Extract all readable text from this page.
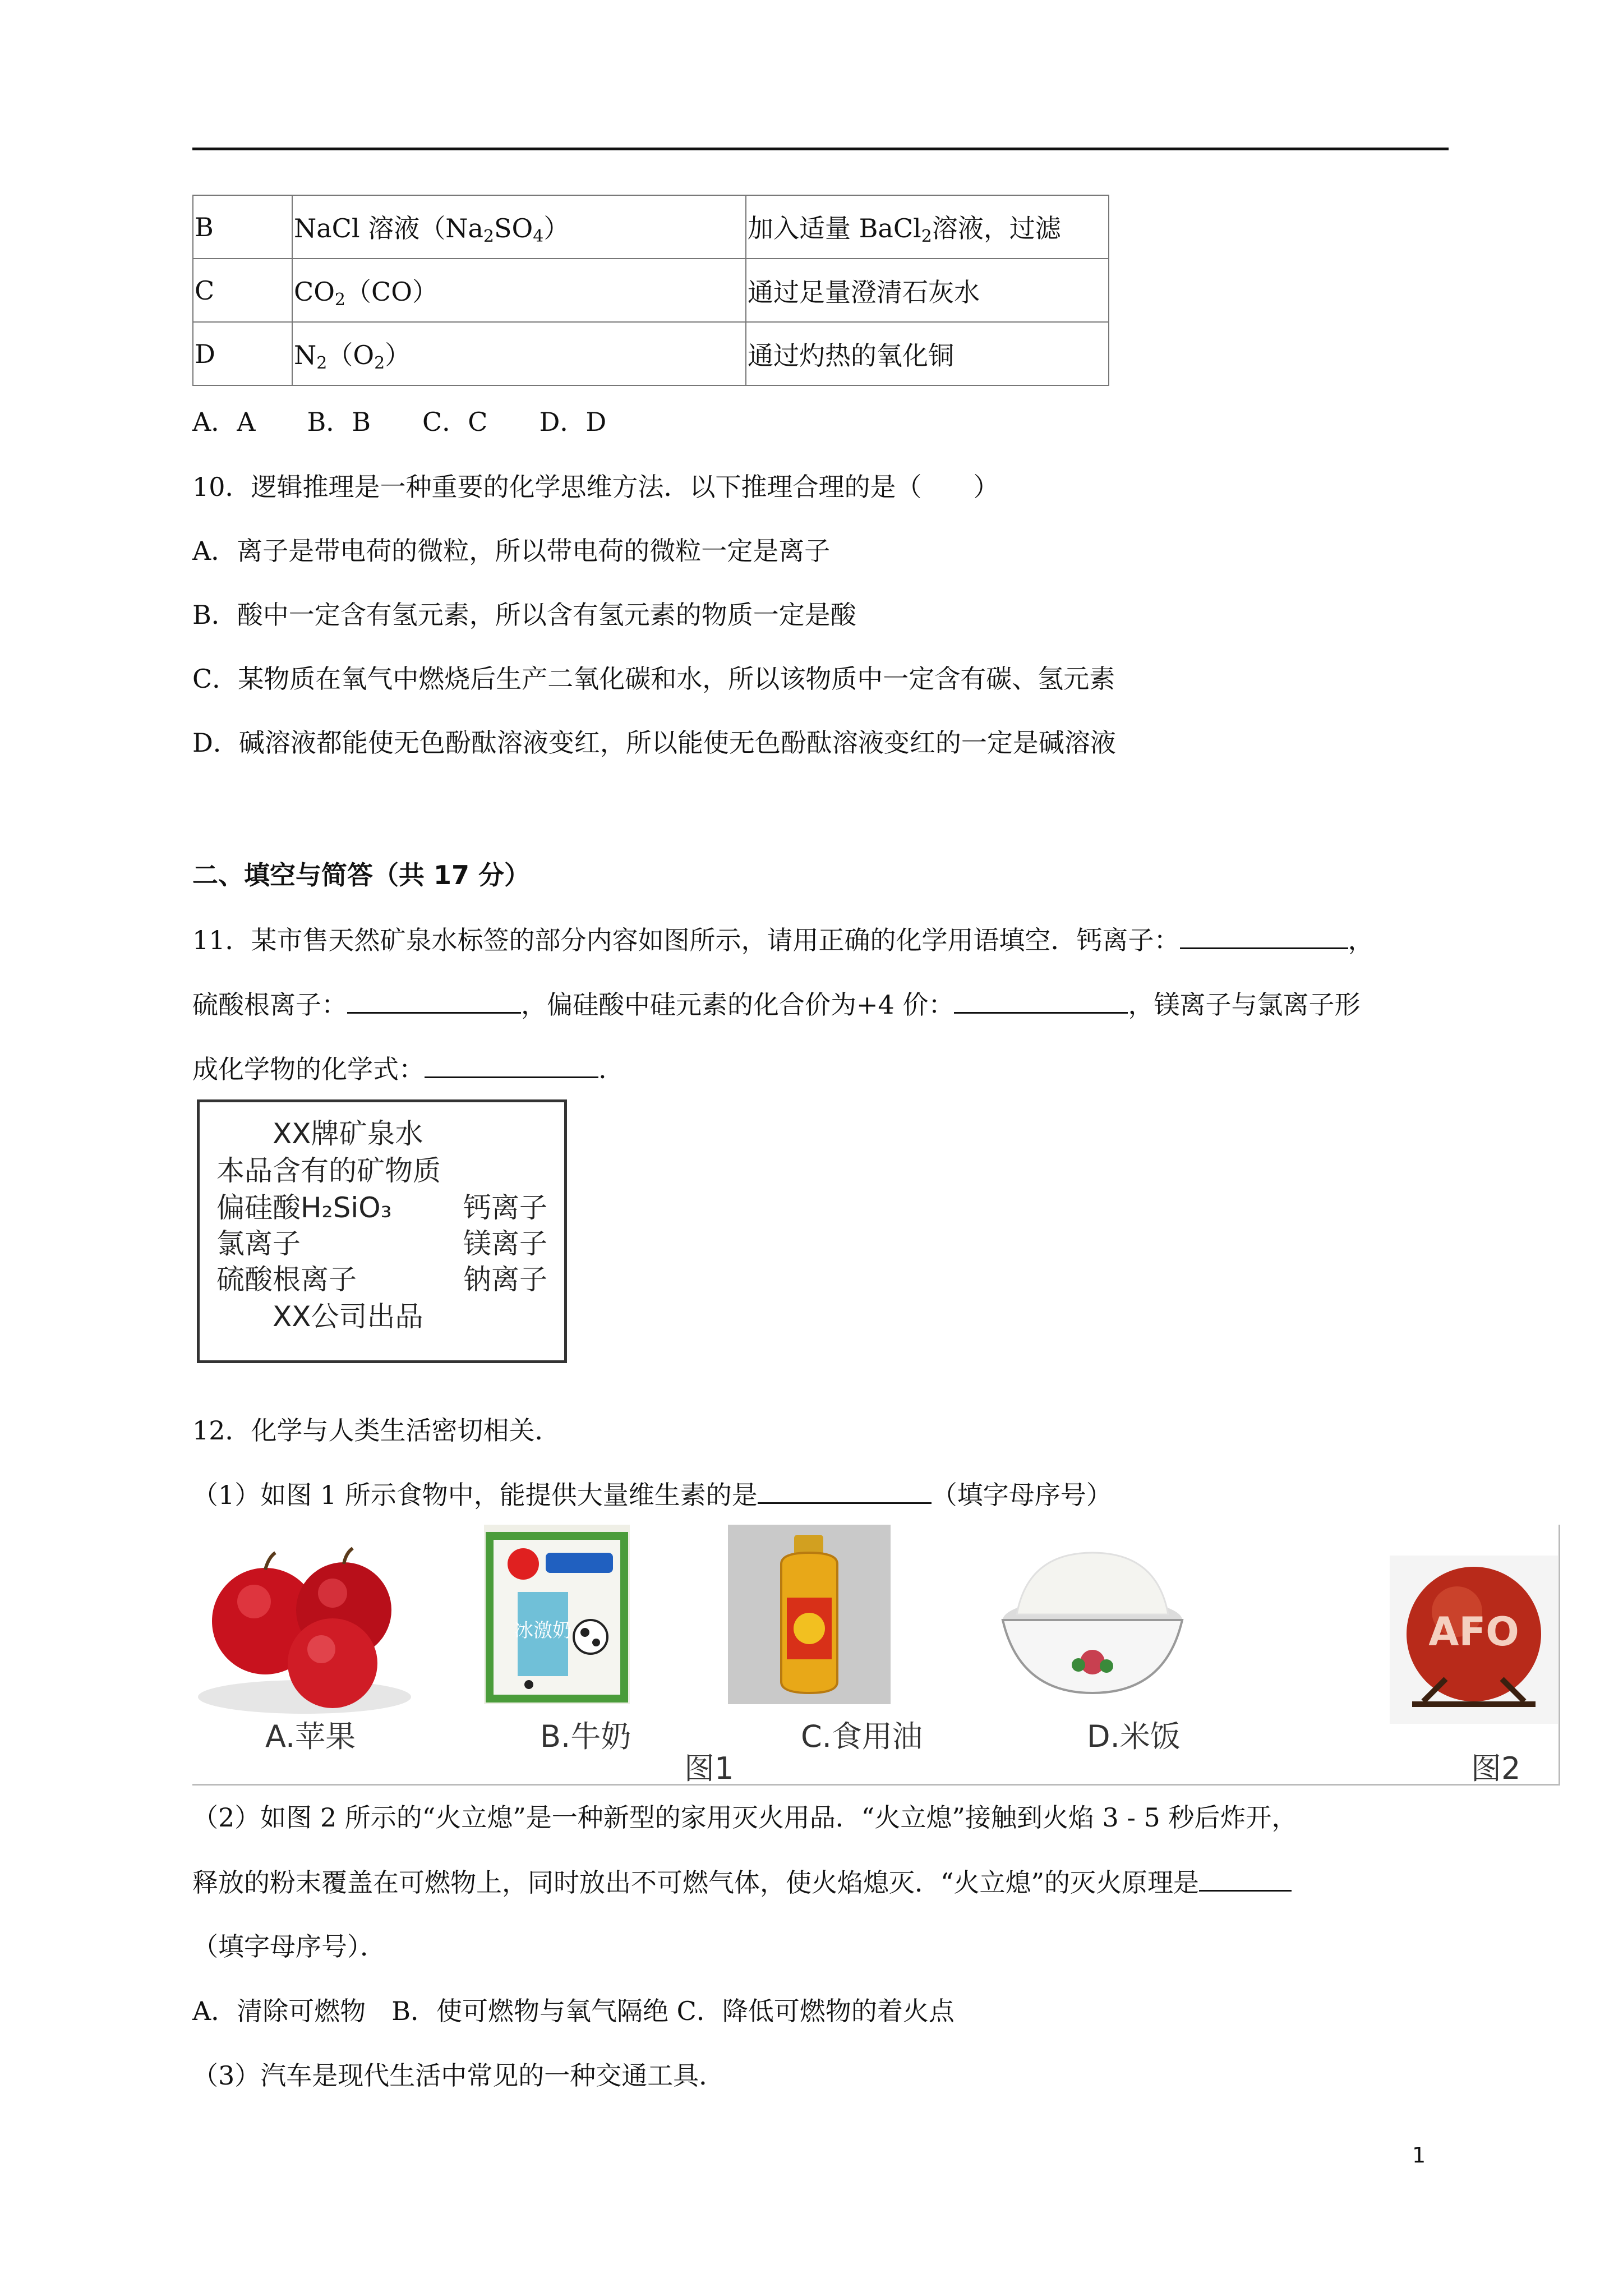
B	NaCl 溶液$(Na_2SO_4)$	加入适量 BaCl$_2$溶液，过滤
C	$CO_2(CO)$	通过足量澄清石灰水
D	$N_2(O_2)$	通过灼热的氧化铜
A．A　　B．B　　C．C　　D．D
10．逻辑推理是一种重要的化学思维方法．以下推理合理的是（　　）
A．离子是带电荷的微粒，所以带电荷的微粒一定是离子
B．酸中一定含有氢元素，所以含有氢元素的物质一定是酸
C．某物质在氧气中燃烧后生产二氧化碳和水，所以该物质中一定含有碳、氢元素
D．碱溶液都能使无色酚酞溶液变红，所以能使无色酚酞溶液变红的一定是碱溶液
二、填空与简答（共 17 分）
11．某市售天然矿泉水标签的部分内容如图所示，请用正确的化学用语填空．钙离子：	，
硫酸根离子：	，偏硅酸中硅元素的化合价为+4 价：	，镁离子与氯离子形
成化学物的化学式：	.
XX牌矿泉水
本品含有的矿物质
偏硅酸H₂SiO₃	钙离子
氯离子	镁离子
硫酸根离子	钠离子
XX公司出品
12．化学与人类生活密切相关．
（1）如图 1 所示食物中，能提供大量维生素的是	（填字母序号）
冰激奶	AFO
A.苹果	B.牛奶	C.食用油	D.米饭
图1	图2
（2）如图 2 所示的“火立熄”是一种新型的家用灭火用品．“火立熄”接触到火焰 3 - 5 秒后炸开，
释放的粉末覆盖在可燃物上，同时放出不可燃气体，使火焰熄灭．“火立熄”的灭火原理是
（填字母序号）．
A．清除可燃物　B．使可燃物与氧气隔绝 C．降低可燃物的着火点
（3）汽车是现代生活中常见的一种交通工具．
1
